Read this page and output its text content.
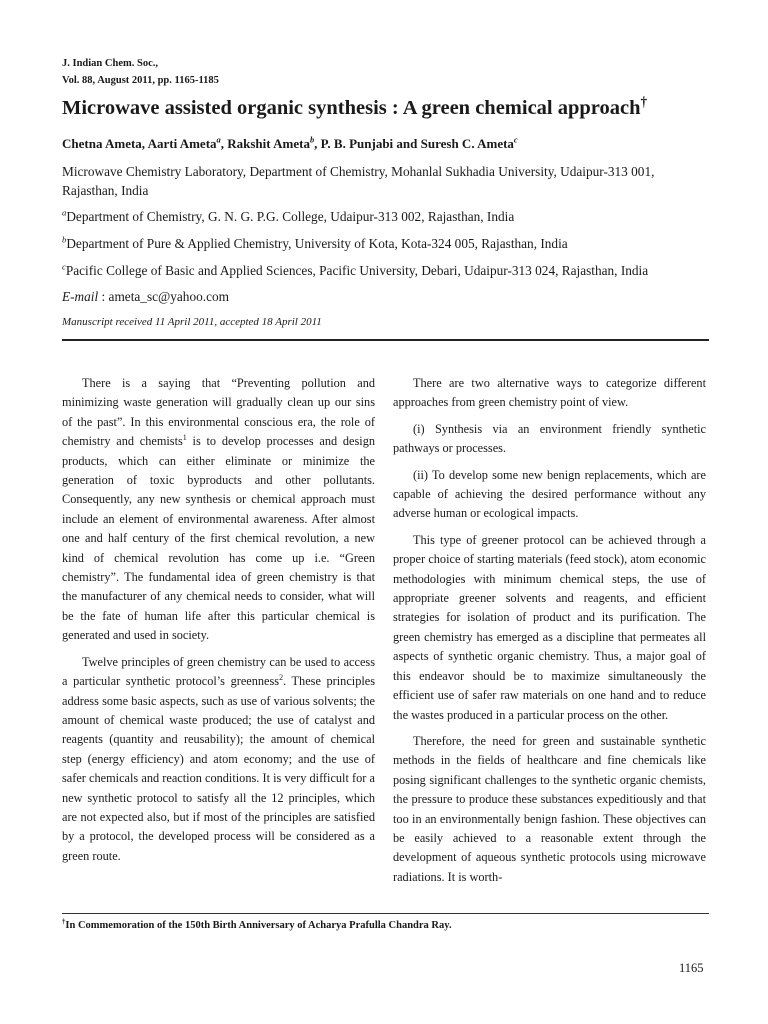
J. Indian Chem. Soc.,
Vol. 88, August 2011, pp. 1165-1185
Microwave assisted organic synthesis : A green chemical approach†
Chetna Ameta, Aarti Ameta$^a$, Rakshit Ameta$^b$, P. B. Punjabi and Suresh C. Ameta$^c$
Microwave Chemistry Laboratory, Department of Chemistry, Mohanlal Sukhadia University, Udaipur-313 001, Rajasthan, India
$^a$Department of Chemistry, G. N. G. P.G. College, Udaipur-313 002, Rajasthan, India
$^b$Department of Pure & Applied Chemistry, University of Kota, Kota-324 005, Rajasthan, India
$^c$Pacific College of Basic and Applied Sciences, Pacific University, Debari, Udaipur-313 024, Rajasthan, India
E-mail : ameta_sc@yahoo.com
Manuscript received 11 April 2011, accepted 18 April 2011

There is a saying that “Preventing pollution and minimizing waste generation will gradually clean up our sins of the past”. In this environmental conscious era, the role of chemistry and chemists$^1$ is to develop processes and design products, which can either eliminate or minimize the generation of toxic byproducts and other pollutants. Consequently, any new synthesis or chemical approach must include an element of environmental awareness. After almost one and half century of the first chemical revolution, a new kind of chemical revolution has come up i.e. “Green chemistry”. The fundamental idea of green chemistry is that the manufacturer of any chemical needs to consider, what will be the fate of human life after this particular chemical is generated and used in society.

Twelve principles of green chemistry can be used to access a particular synthetic protocol’s greenness$^2$. These principles address some basic aspects, such as use of various solvents; the amount of chemical waste produced; the use of catalyst and reagents (quantity and reusability); the amount of chemical step (energy efficiency) and atom economy; and the use of safer chemicals and reaction conditions. It is very difficult for a new synthetic protocol to satisfy all the 12 principles, which are not expected also, but if most of the principles are satisfied by a protocol, the developed process will be considered as a green route.

There are two alternative ways to categorize different approaches from green chemistry point of view.

(i) Synthesis via an environment friendly synthetic pathways or processes.

(ii) To develop some new benign replacements, which are capable of achieving the desired performance without any adverse human or ecological impacts.

This type of greener protocol can be achieved through a proper choice of starting materials (feed stock), atom economic methodologies with minimum chemical steps, the use of appropriate greener solvents and reagents, and efficient strategies for isolation of product and its purification. The green chemistry has emerged as a discipline that permeates all aspects of synthetic organic chemistry. Thus, a major goal of this endeavor should be to maximize simultaneously the efficient use of safer raw materials on one hand and to reduce the wastes produced in a particular process on the other.

Therefore, the need for green and sustainable synthetic methods in the fields of healthcare and fine chemicals like posing significant challenges to the synthetic organic chemists, the pressure to produce these substances expeditiously and that too in an environmentally benign fashion. These objectives can be easily achieved to a reasonable extent through the development of aqueous synthetic protocols using microwave radiations. It is worth-

†In Commemoration of the 150th Birth Anniversary of Acharya Prafulla Chandra Ray.
1165
